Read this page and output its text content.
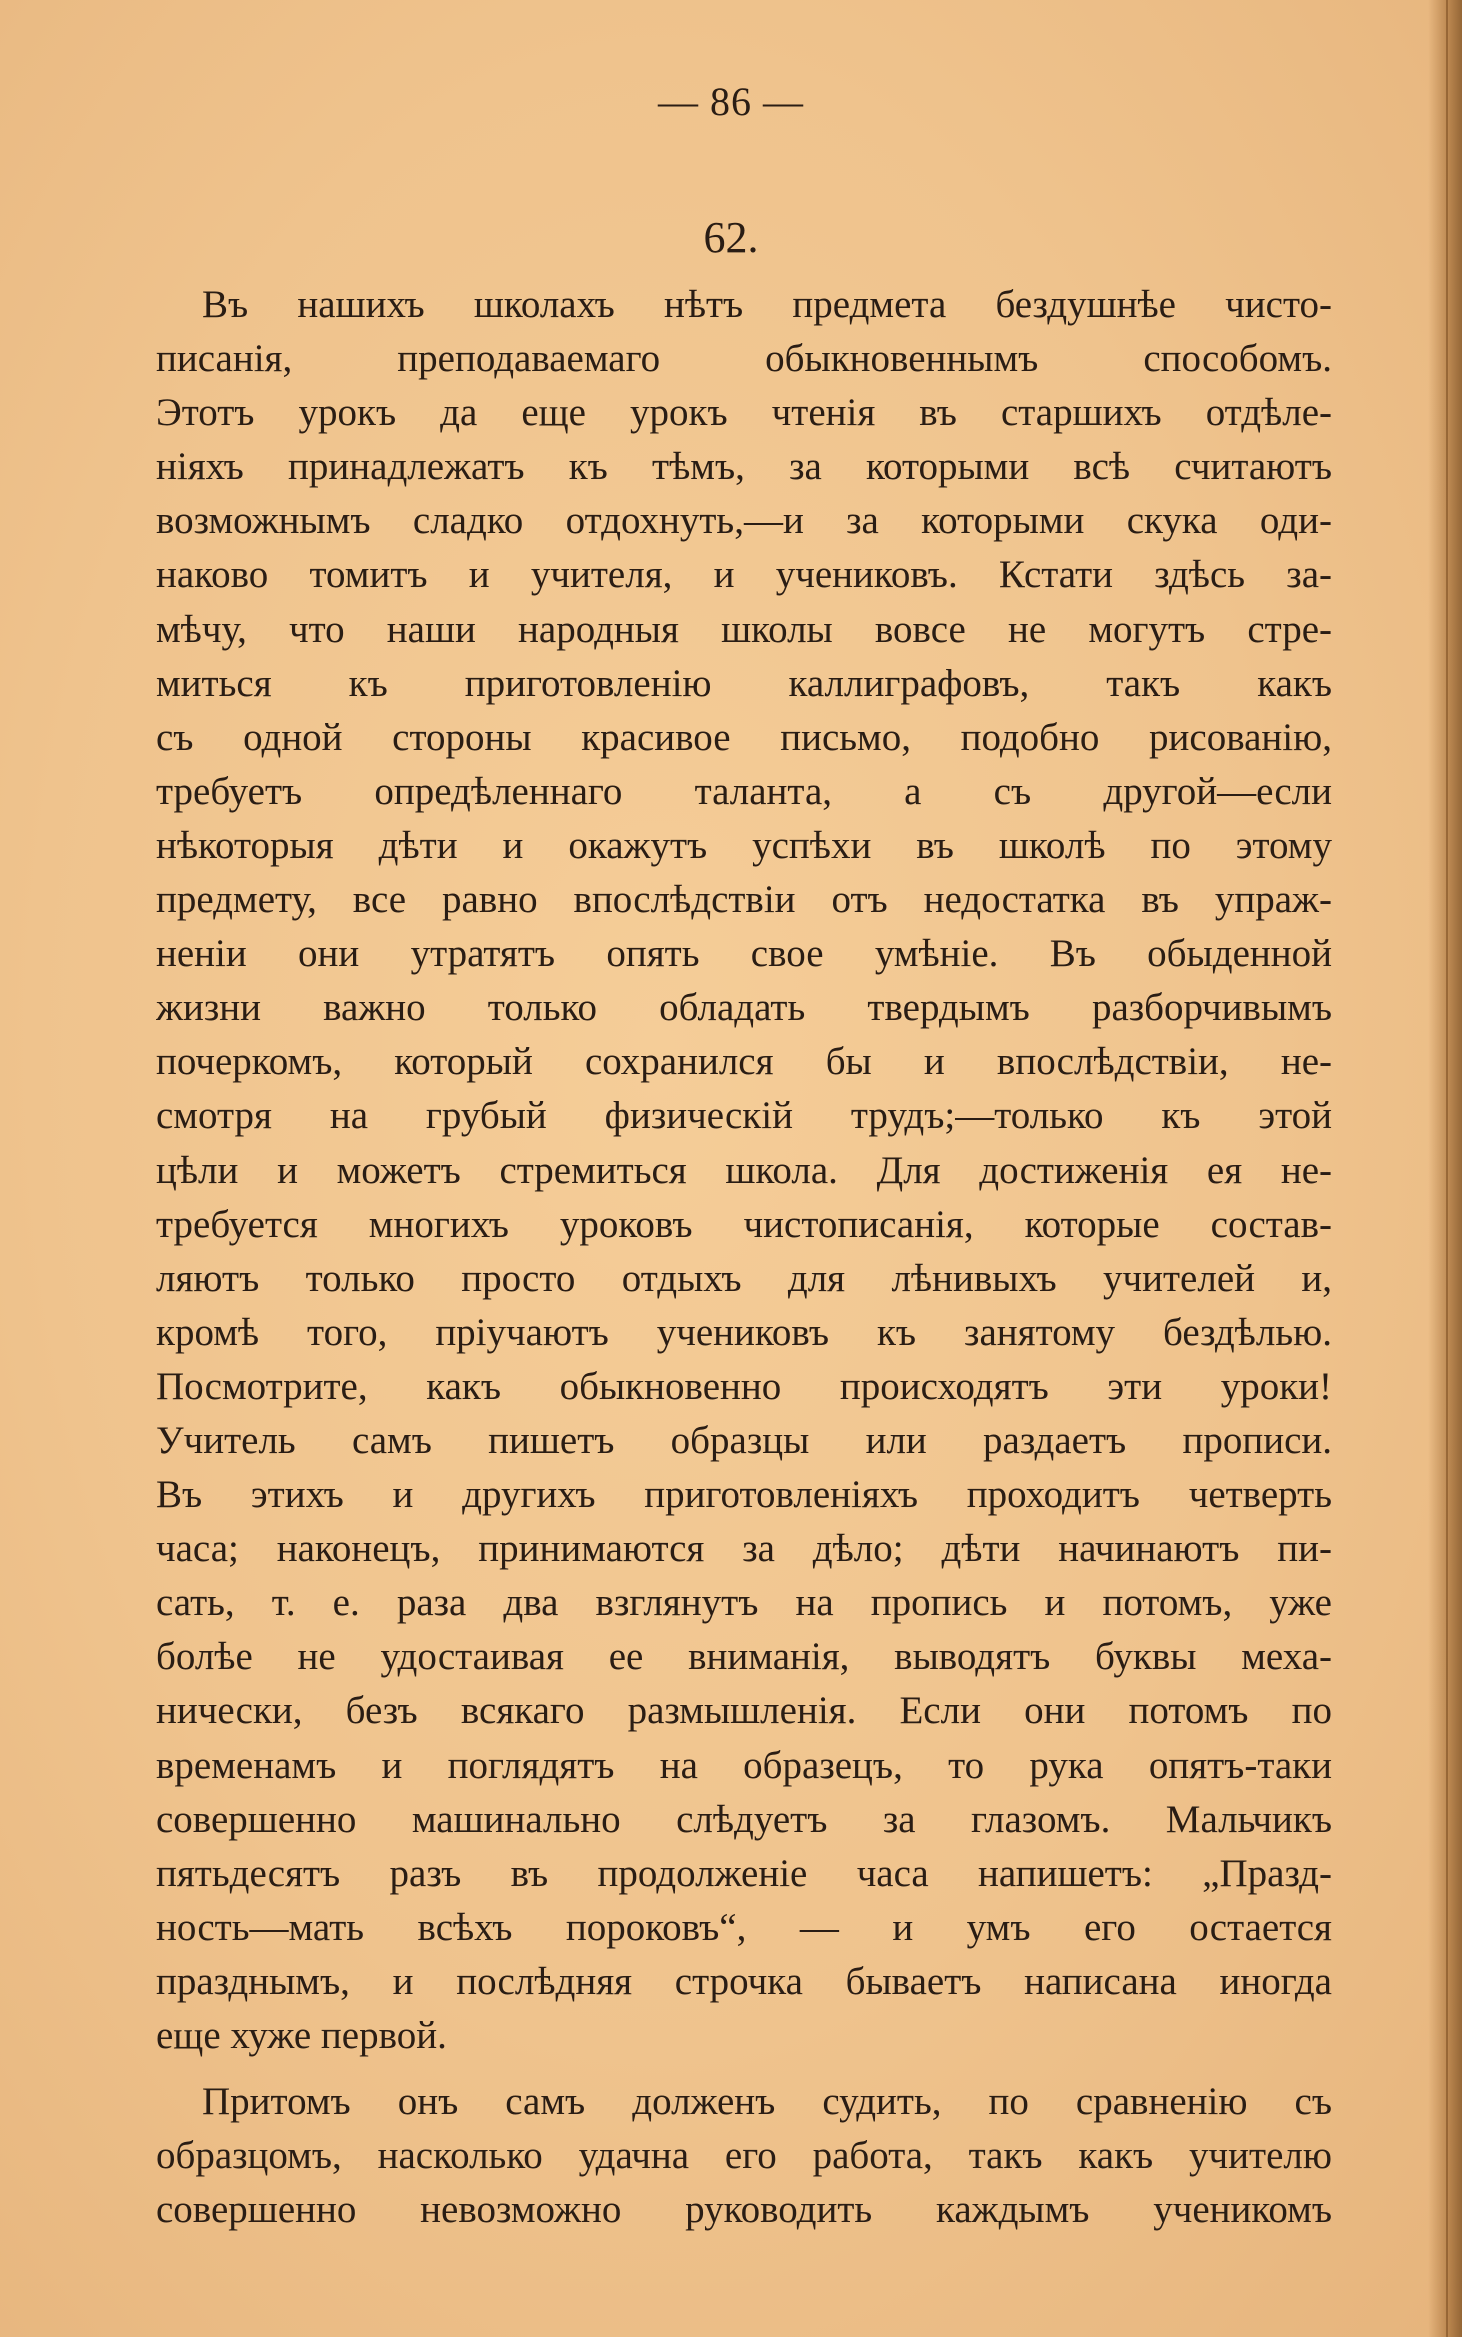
— 86 —
62.
Въ нашихъ школахъ нѣтъ предмета бездушнѣе чисто-
писанія, преподаваемаго обыкновеннымъ способомъ.
Этотъ урокъ да еще урокъ чтенія въ старшихъ отдѣле-
ніяхъ принадлежатъ къ тѣмъ, за которыми всѣ считаютъ
возможнымъ сладко отдохнуть,—и за которыми скука оди-
наково томитъ и учителя, и учениковъ. Кстати здѣсь за-
мѣчу, что наши народныя школы вовсе не могутъ стре-
миться къ приготовленію каллиграфовъ, такъ какъ
съ одной стороны красивое письмо, подобно рисованію,
требуетъ опредѣленнаго таланта, а съ другой—если
нѣкоторыя дѣти и окажутъ успѣхи въ школѣ по этому
предмету, все равно впослѣдствіи отъ недостатка въ упраж-
неніи они утратятъ опять свое умѣніе. Въ обыденной
жизни важно только обладать твердымъ разборчивымъ
почеркомъ, который сохранился бы и впослѣдствіи, не-
смотря на грубый физическій трудъ;—только къ этой
цѣли и можетъ стремиться школа. Для достиженія ея не-
требуется многихъ уроковъ чистописанія, которые состав-
ляютъ только просто отдыхъ для лѣнивыхъ учителей и,
кромѣ того, пріучаютъ учениковъ къ занятому бездѣлью.
Посмотрите, какъ обыкновенно происходятъ эти уроки!
Учитель самъ пишетъ образцы или раздаетъ прописи.
Въ этихъ и другихъ приготовленіяхъ проходитъ четверть
часа; наконецъ, принимаются за дѣло; дѣти начинаютъ пи-
сать, т. е. раза два взглянутъ на пропись и потомъ, уже
болѣе не удостаивая ее вниманія, выводятъ буквы меха-
нически, безъ всякаго размышленія. Если они потомъ по
временамъ и поглядятъ на образецъ, то рука опятъ-таки
совершенно машинально слѣдуетъ за глазомъ. Мальчикъ
пятьдесятъ разъ въ продолженіе часа напишетъ: „Празд-
ность—мать всѣхъ пороковъ“, — и умъ его остается
празднымъ, и послѣдняя строчка бываетъ написана иногда
еще хуже первой.
Притомъ онъ самъ долженъ судить, по сравненію съ
образцомъ, насколько удачна его работа, такъ какъ учителю
совершенно невозможно руководить каждымъ ученикомъ
